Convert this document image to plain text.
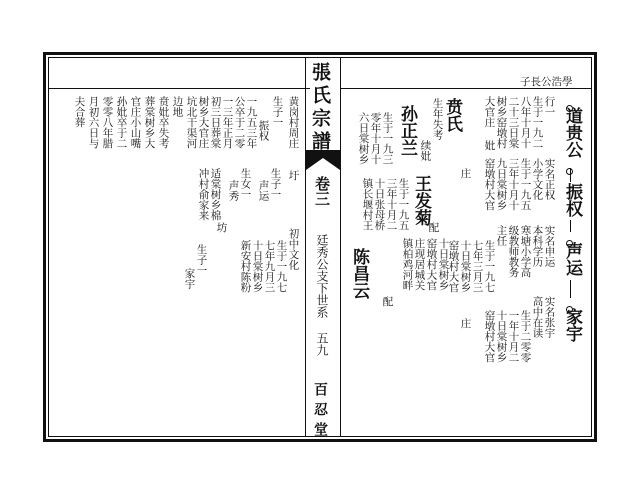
張氏宗譜
卷三
廷秀公支下世系
五九
百忍堂
子長公浩學
道贵公
振权
声运
家宇
行一
生于一九二
八年十月十
二十三日棠
树乡窑墩村
大官庄
妣
实名正权
小学文化
生于一九五
三年十月十
九日棠树乡
窑墩村大官
庄
实名申运
本科学历
寒塘小学高
级教师教务
主任
生于一九七
七年三月三
十日棠树乡
窑墩村大官
庄	实名张宇
高中在读
生于二零零
一年十月二
十日棠树乡
窑墩村大官
贲氏
生年失考
续妣
孙正兰
生于一九三
零年十月十
六日棠树乡
王发菊
配
生于一九五
三年十月二
十日张母桥
镇长堰村王
十日棠树乡
窑墩村大官
庄现居城关
镇柏鸡河畔
配
陈昌云
初中文化
生于一九七
七年九月三
十日棠树乡
新安村陈粉
坊
生子一
家宇
生子一
声运
生女一
声秀
适棠树乡棉
冲村俞家来
黄岗村周庄
圩
生子一
振权
一九五三年
公卒于二零
一三年正月
初三日葬棠
树乡大官庄
坑北干渠河
边地
贲妣卒失考
葬棠树乡大
官庄小山嘴
孙妣卒于二
零零八年腊
月初六日与
夫合葬
